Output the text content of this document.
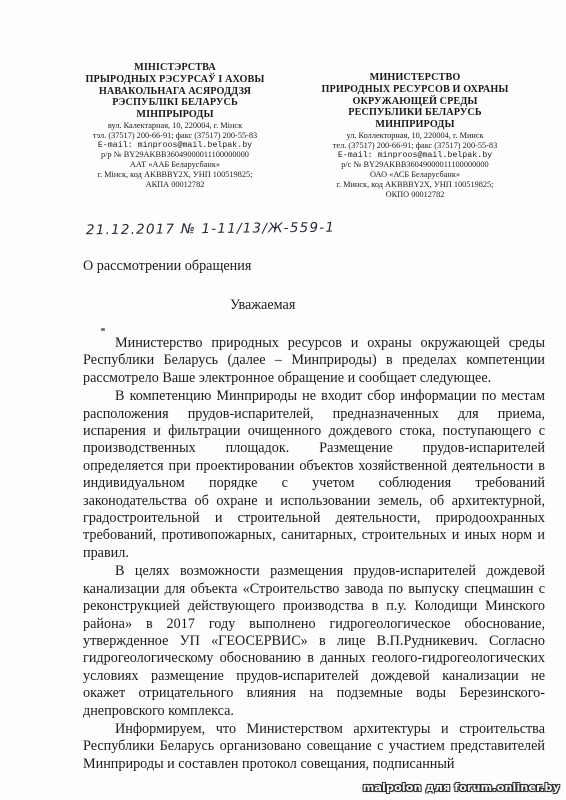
МІНІСТЭРСТВА
ПРЫРОДНЫХ РЭСУРСАЎ І АХОВЫ
НАВАКОЛЬНАГА АСЯРОДДЗЯ
РЭСПУБЛІКІ БЕЛАРУСЬ
МІНПРЫРОДЫ
вул. Калектарная, 10, 220004, г. Мінск
тэл. (37517) 200-66-91; факс (37517) 200-55-83
E-mail: minproos@mail.belpak.by
р/р № BY29AKBB36049000011100000000
ААТ «ААБ Беларусбанк»
г. Мінск, код AKBBBY2X, УНП 100519825;
АКПА 00012782
МИНИСТЕРСТВО
ПРИРОДНЫХ РЕСУРСОВ И ОХРАНЫ
ОКРУЖАЮЩЕЙ СРЕДЫ
РЕСПУБЛИКИ БЕЛАРУСЬ
МИНПРИРОДЫ
ул. Коллекторная, 10, 220004, г. Минск
тел. (37517) 200-66-91; факс (37517) 200-55-83
E-mail: minproos@mail.belpak.by
р/с № BY29AKBB36049000011100000000
ОАО «АСБ Беларусбанк»
г. Минск, код AKBBBY2X, УНП 100519825;
ОКПО 00012782
21.12.2017 № 1-11/13/Ж-559-1
О рассмотрении обращения
Уважаемая

Министерство природных ресурсов и охраны окружающей среды Республики Беларусь (далее – Минприроды) в пределах компетенции рассмотрело Ваше электронное обращение и сообщает следующее.

В компетенцию Минприроды не входит сбор информации по местам расположения прудов-испарителей, предназначенных для приема, испарения и фильтрации очищенного дождевого стока, поступающего с производственных площадок. Размещение прудов-испарителей определяется при проектировании объектов хозяйственной деятельности в индивидуальном порядке с учетом соблюдения требований законодательства об охране и использовании земель, об архитектурной, градостроительной и строительной деятельности, природоохранных требований, противопожарных, санитарных, строительных и иных норм и правил.

В целях возможности размещения прудов-испарителей дождевой канализации для объекта «Строительство завода по выпуску спецмашин с реконструкцией действующего производства в п.у. Колодищи Минского района» в 2017 году выполнено гидрогеологическое обоснование, утвержденное УП «ГЕОСЕРВИС» в лице В.П.Рудникевич. Согласно гидрогеологическому обоснованию в данных геолого-гидрогеологических условиях размещение прудов-испарителей дождевой канализации не окажет отрицательного влияния на подземные воды Березинского-днепровского комплекса.

Информируем, что Министерством архитектуры и строительства Республики Беларусь организовано совещание с участием представителей Минприроды и составлен протокол совещания, подписанный

malpolon для forum.onliner.by
